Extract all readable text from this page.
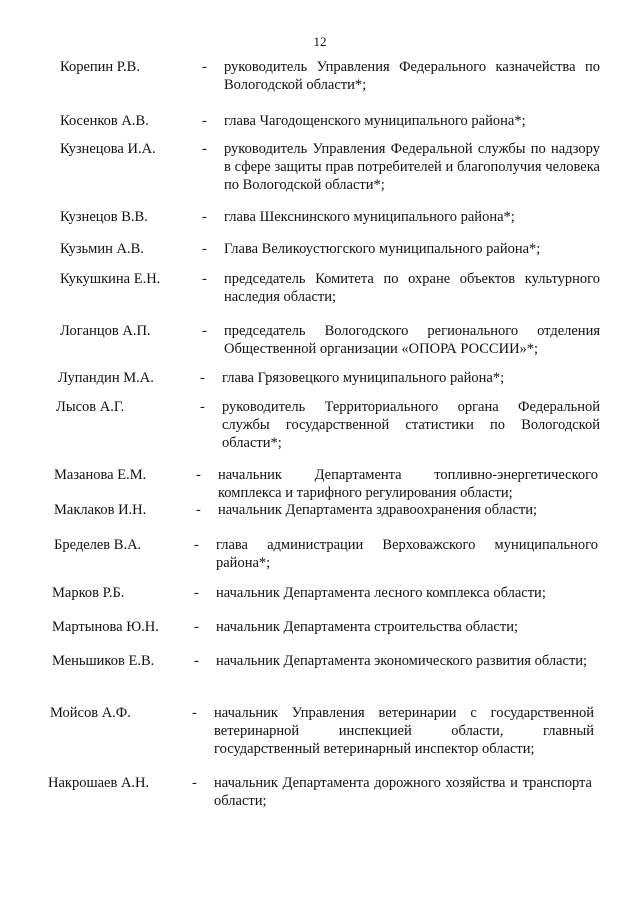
12
Корепин Р.В.	- руководитель Управления Федерального казначейства по Вологодской области*;
Косенков А.В.	- глава Чагодощенского муниципального района*;
Кузнецова И.А.	- руководитель Управления Федеральной службы по надзору в сфере защиты прав потребителей и благополучия человека по Вологодской области*;
Кузнецов В.В.	- глава Шекснинского муниципального района*;
Кузьмин А.В.	- Глава Великоустюгского муниципального района*;
Кукушкина Е.Н.	- председатель Комитета по охране объектов культурного наследия области;
Логанцов А.П.	- председатель Вологодского регионального отделения Общественной организации «ОПОРА РОССИИ»*;
Лупандин М.А.	- глава Грязовецкого муниципального района*;
Лысов А.Г.	- руководитель Территориального органа Федеральной службы государственной статистики по Вологодской области*;
Мазанова Е.М.	- начальник Департамента топливно-энергетического комплекса и тарифного регулирования области;
Маклаков И.Н.	- начальник Департамента здравоохранения области;
Бределев В.А.	- глава администрации Верховажского муниципального района*;
Марков Р.Б.	- начальник Департамента лесного комплекса области;
Мартынова Ю.Н. - начальник Департамента строительства области;
Меньшиков Е.В.	- начальник Департамента экономического развития области;
Мойсов А.Ф.	- начальник Управления ветеринарии с государственной ветеринарной инспекцией области, главный государственный ветеринарный инспектор области;
Накрошаев А.Н.	- начальник Департамента дорожного хозяйства и транспорта области;
